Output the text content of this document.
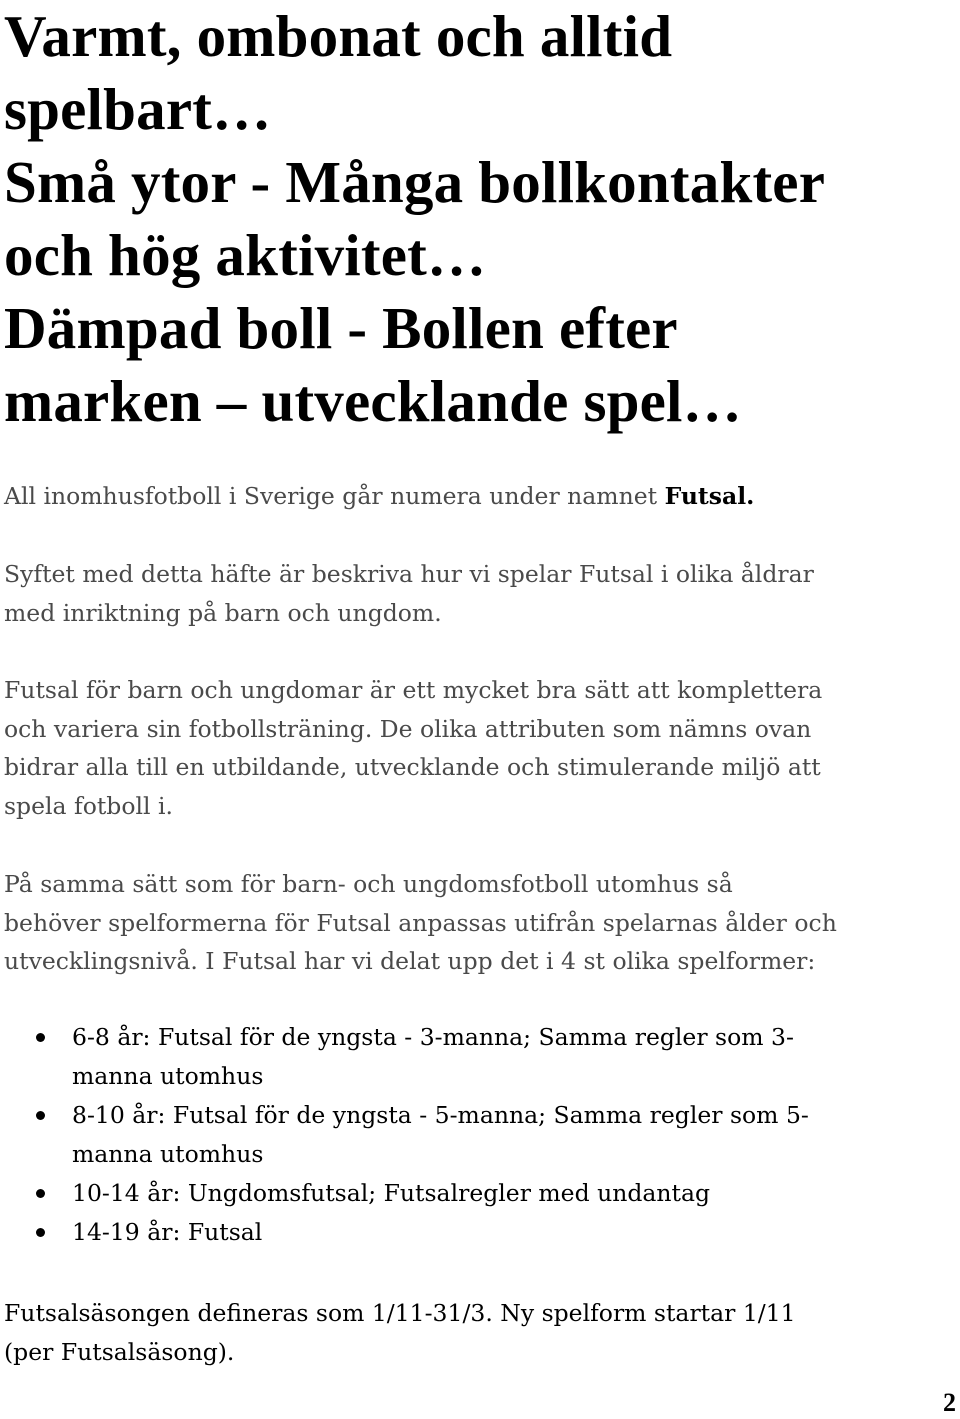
Varmt, ombonat och alltid
spelbart…
Små ytor - Många bollkontakter
och hög aktivitet…
Dämpad boll - Bollen efter
marken – utvecklande spel…

All inomhusfotboll i Sverige går numera under namnet Futsal.

Syftet med detta häfte är beskriva hur vi spelar Futsal i olika åldrar
med inriktning på barn och ungdom.

Futsal för barn och ungdomar är ett mycket bra sätt att komplettera
och variera sin fotbollsträning. De olika attributen som nämns ovan
bidrar alla till en utbildande, utvecklande och stimulerande miljö att
spela fotboll i.

På samma sätt som för barn- och ungdomsfotboll utomhus så
behöver spelformerna för Futsal anpassas utifrån spelarnas ålder och
utvecklingsnivå. I Futsal har vi delat upp det i 4 st olika spelformer:

6-8 år: Futsal för de yngsta - 3-manna; Samma regler som 3-
manna utomhus
8-10 år: Futsal för de yngsta - 5-manna; Samma regler som 5-
manna utomhus
10-14 år: Ungdomsfutsal; Futsalregler med undantag
14-19 år: Futsal

Futsalsäsongen defineras som 1/11-31/3. Ny spelform startar 1/11
(per Futsalsäsong).

2
